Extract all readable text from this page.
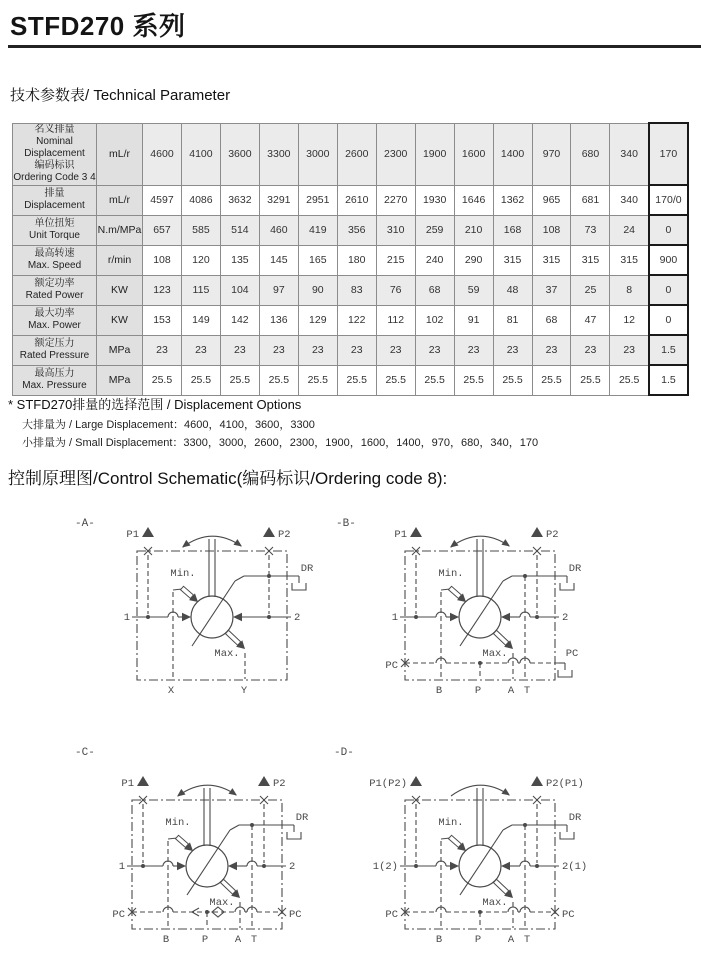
STFD270 系列
技术参数表/ Technical Parameter
名义排量
Nominal
Displacement
编码标识
Ordering Code 3 4	mL/r	4600	4100	3600	3300	3000	2600	2300	1900	1600	1400	970	680	340	170

排量
Displacement	mL/r	4597	4086	3632	3291	2951	2610	2270	1930	1646	1362	965	681	340	170/0

单位扭矩
Unit Torque	N.m/MPa	657	585	514	460	419	356	310	259	210	168	108	73	24	0

最高转速
Max. Speed	r/min	108	120	135	145	165	180	215	240	290	315	315	315	315	900

额定功率
Rated Power	KW	123	115	104	97	90	83	76	68	59	48	37	25	8	0

最大功率
Max. Power	KW	153	149	142	136	129	122	112	102	91	81	68	47	12	0

额定压力
Rated Pressure	MPa	23	23	23	23	23	23	23	23	23	23	23	23	23	1.5

最高压力
Max. Pressure	MPa	25.5	25.5	25.5	25.5	25.5	25.5	25.5	25.5	25.5	25.5	25.5	25.5	25.5	1.5
* STFD270排量的选择范围 / Displacement Options
大排量为 / Large Displacement：4600，4100，3600，3300
小排量为 / Small Displacement：3300，3000，2600，2300，1900，1600，1400，970，680，340，170
控制原理图/Control Schematic(编码标识/Ordering code 8):
-A-
1	2
P1	P2
DR
Min.
Max.
X	Y
-B-
1	2
P1	P2
DR
Min.
Max.
PC
PC
B	P	A T
-C-
1	2
P1	P2
DR
Min.
Max.
PC	PC
B	P	A T
-D-
1(2)	2(1)
P1(P2)	P2(P1)
DR
Min.
Max.
PC	PC
B	P	A T
